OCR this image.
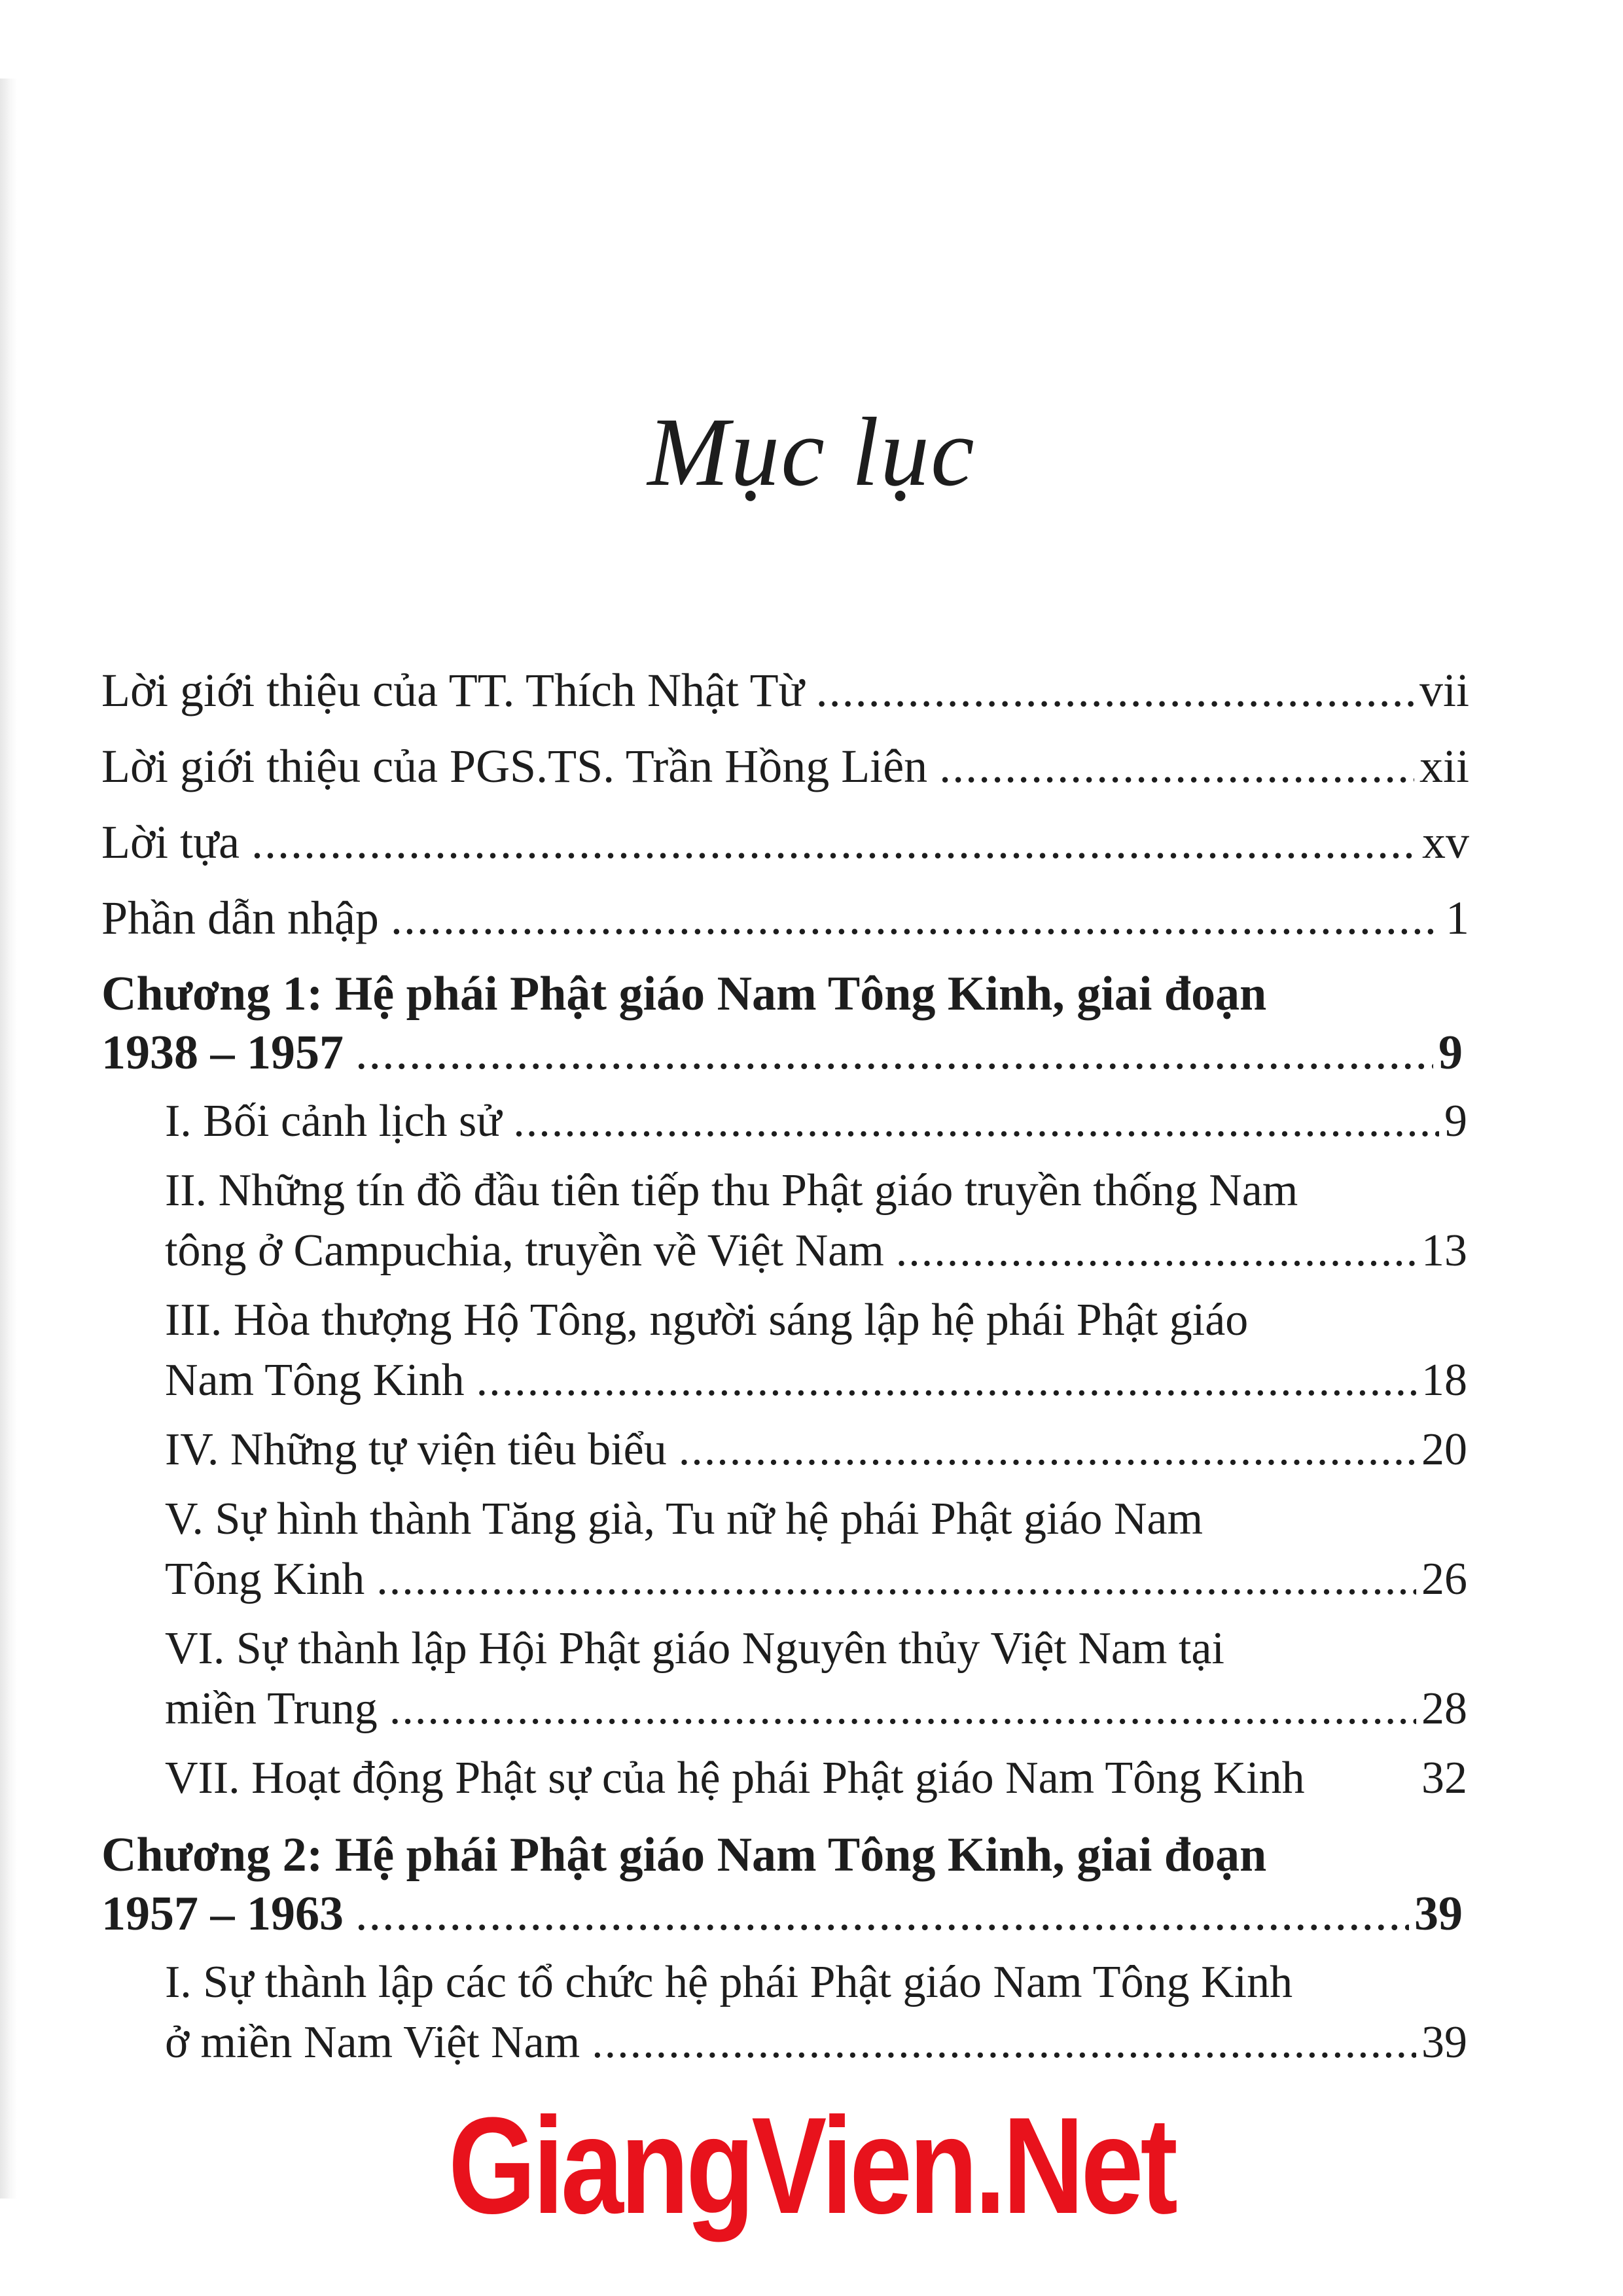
Mục lục
Lời giới thiệu của TT. Thích Nhật Từ .....	vii
Lời giới thiệu của PGS.TS. Trần Hồng Liên .....	xii
Lời tựa .....	xv
Phần dẫn nhập .....	1
Chương 1: Hệ phái Phật giáo Nam Tông Kinh, giai đoạn
1938 – 1957 .....	9
I. Bối cảnh lịch sử .....	9
II. Những tín đồ đầu tiên tiếp thu Phật giáo truyền thống Nam
tông ở Campuchia, truyền về Việt Nam .....	13
III. Hòa thượng Hộ Tông, người sáng lập hệ phái Phật giáo
Nam Tông Kinh .....	18
IV. Những tự viện tiêu biểu .....	20
V. Sự hình thành Tăng già, Tu nữ hệ phái Phật giáo Nam
Tông Kinh .....	26
VI. Sự thành lập Hội Phật giáo Nguyên thủy Việt Nam tại
miền Trung .....	28
VII. Hoạt động Phật sự của hệ phái Phật giáo Nam Tông Kinh	32
Chương 2: Hệ phái Phật giáo Nam Tông Kinh, giai đoạn
1957 – 1963 .....	39
I. Sự thành lập các tổ chức hệ phái Phật giáo Nam Tông Kinh
ở miền Nam Việt Nam .....	39
GiangVien.Net
